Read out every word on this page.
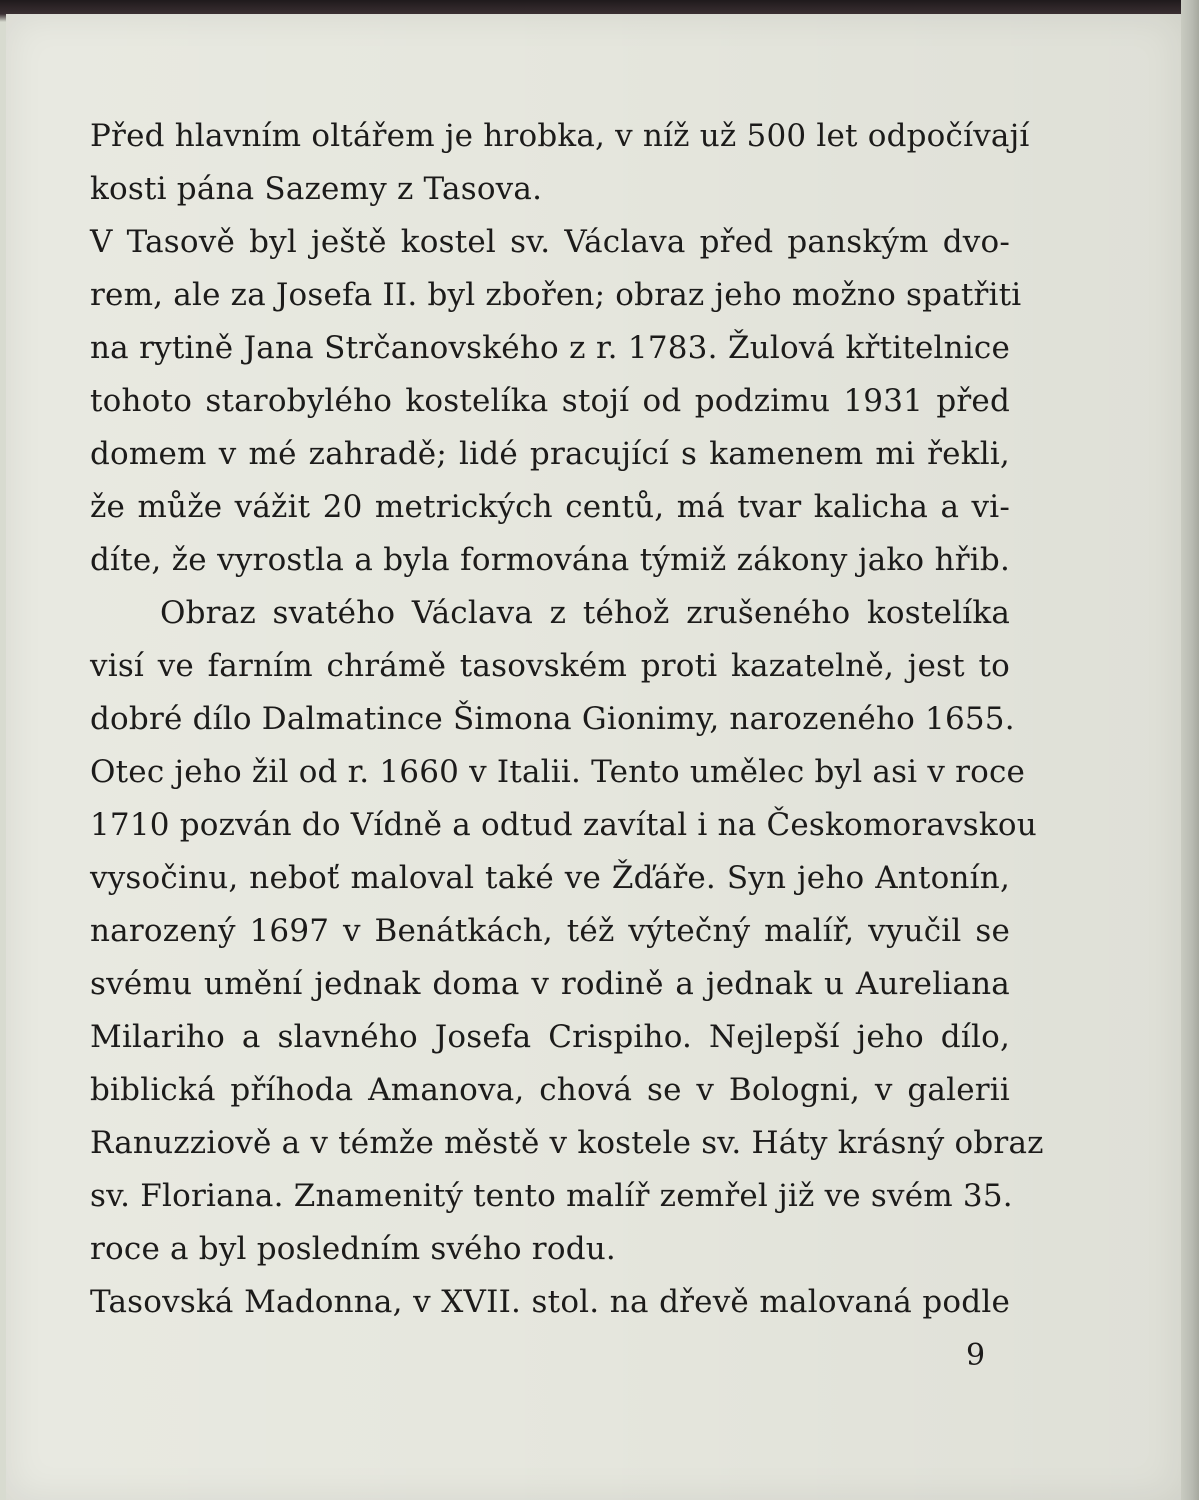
Před hlavním oltářem je hrobka, v níž už 500 let odpočívají
kosti pána Sazemy z Tasova.
V Tasově byl ještě kostel sv. Václava před panským dvo-
rem, ale za Josefa II. byl zbořen; obraz jeho možno spatřiti
na rytině Jana Strčanovského z r. 1783. Žulová křtitelnice
tohoto starobylého kostelíka stojí od podzimu 1931 před
domem v mé zahradě; lidé pracující s kamenem mi řekli,
že může vážit 20 metrických centů, má tvar kalicha a vi-
díte, že vyrostla a byla formována týmiž zákony jako hřib.
Obraz svatého Václava z téhož zrušeného kostelíka
visí ve farním chrámě tasovském proti kazatelně, jest to
dobré dílo Dalmatince Šimona Gionimy, narozeného 1655.
Otec jeho žil od r. 1660 v Italii. Tento umělec byl asi v roce
1710 pozván do Vídně a odtud zavítal i na Českomoravskou
vysočinu, neboť maloval také ve Žďáře. Syn jeho Antonín,
narozený 1697 v Benátkách, též výtečný malíř, vyučil se
svému umění jednak doma v rodině a jednak u Aureliana
Milariho a slavného Josefa Crispiho. Nejlepší jeho dílo,
biblická příhoda Amanova, chová se v Bologni, v galerii
Ranuzziově a v témže městě v kostele sv. Háty krásný obraz
sv. Floriana. Znamenitý tento malíř zemřel již ve svém 35.
roce a byl posledním svého rodu.
Tasovská Madonna, v XVII. stol. na dřevě malovaná podle
9
